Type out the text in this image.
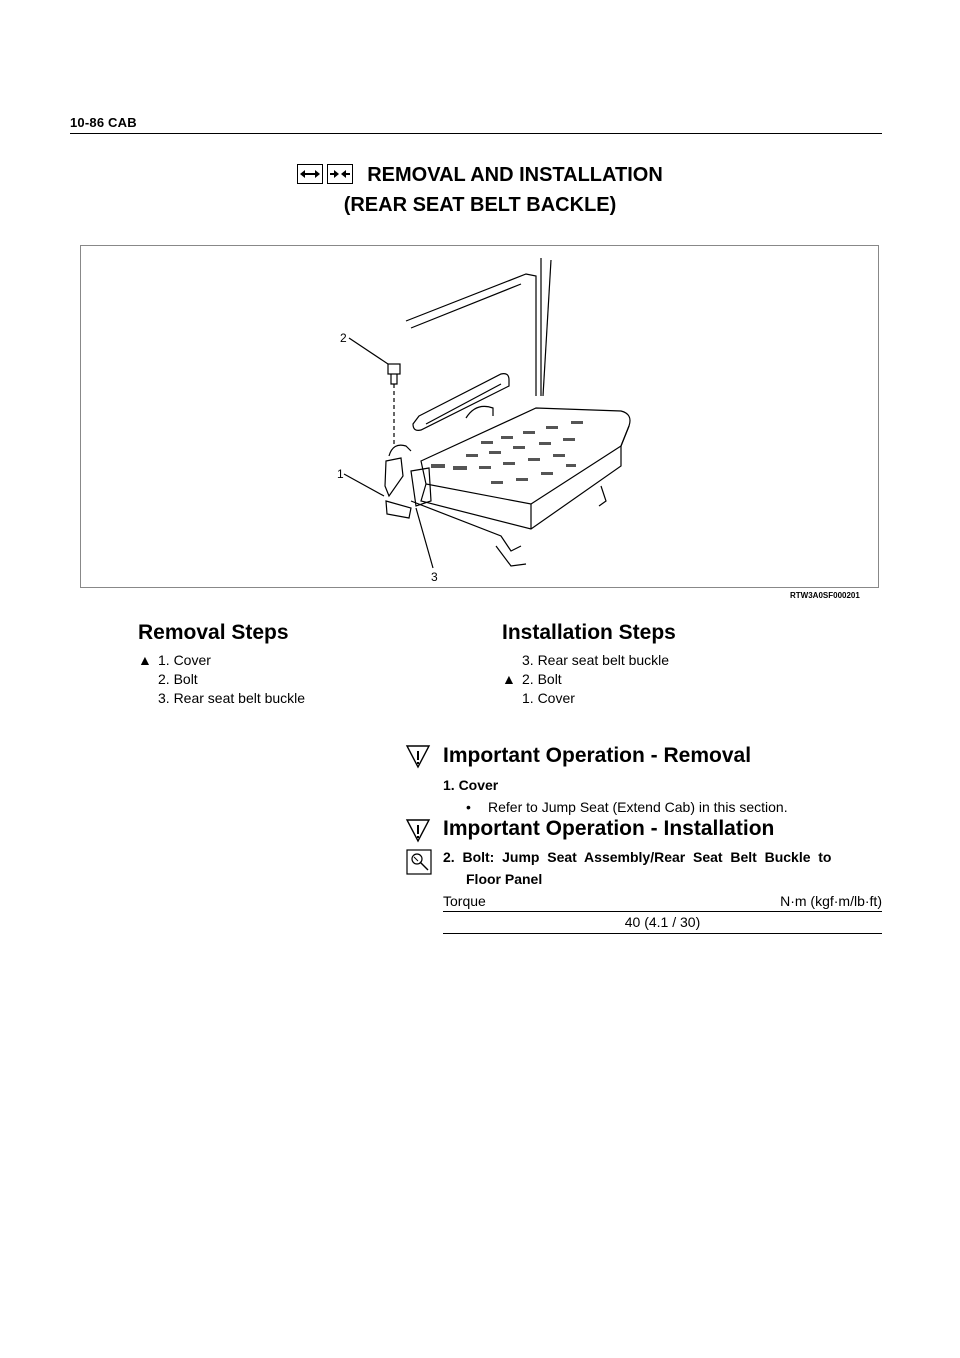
10-86 CAB
REMOVAL AND INSTALLATION
(REAR SEAT BELT BACKLE)
2
1
3
RTW3A0SF000201
Removal Steps
▲ 1. Cover
2. Bolt
3. Rear seat belt buckle
Installation Steps
3. Rear seat belt buckle
▲ 2. Bolt
1. Cover
Important Operation - Removal
1. Cover
• Refer to Jump Seat (Extend Cab) in this section.
Important Operation - Installation
2.  Bolt:  Jump  Seat  Assembly/Rear  Seat  Belt  Buckle  to
Floor Panel
Torque	N·m (kgf·m/lb·ft)
40 (4.1 / 30)
